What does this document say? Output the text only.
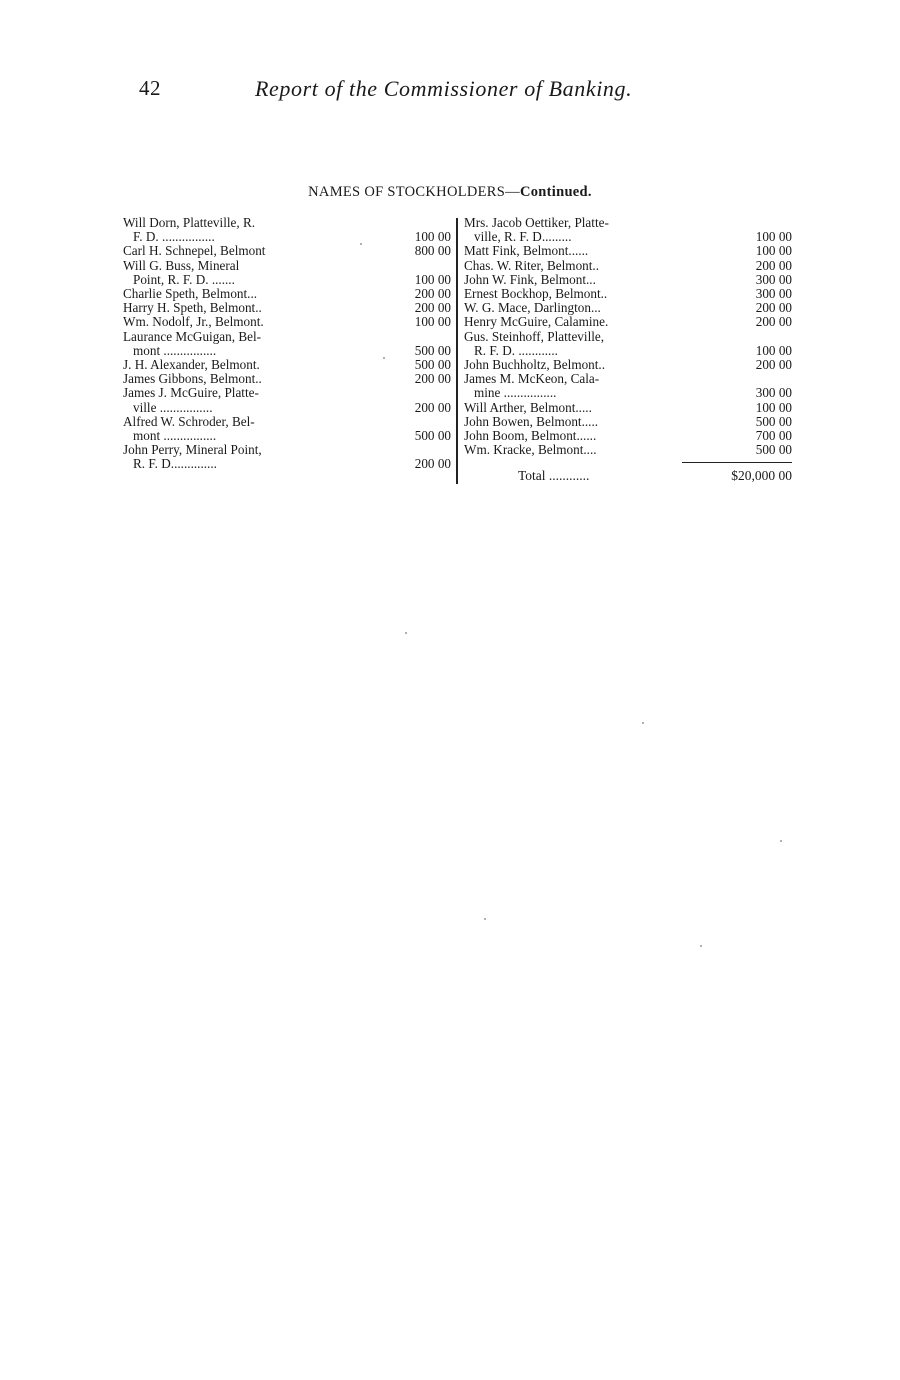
42	Report of the Commissioner of Banking.
NAMES OF STOCKHOLDERS—Continued.
Will Dorn, Platteville, R.
F. D. ................	100 00
Carl H. Schnepel, Belmont	800 00
Will G. Buss, Mineral
Point, R. F. D. .......	100 00
Charlie Speth, Belmont...	200 00
Harry H. Speth, Belmont..	200 00
Wm. Nodolf, Jr., Belmont.	100 00
Laurance McGuigan, Bel-
mont ................	500 00
J. H. Alexander, Belmont.	500 00
James Gibbons, Belmont..	200 00
James J. McGuire, Platte-
ville ................	200 00
Alfred W. Schroder, Bel-
mont ................	500 00
John Perry, Mineral Point,
R. F. D..............	200 00
Mrs. Jacob Oettiker, Platte-
ville, R. F. D.........	100 00
Matt Fink, Belmont......	100 00
Chas. W. Riter, Belmont..	200 00
John W. Fink, Belmont...	300 00
Ernest Bockhop, Belmont..	300 00
W. G. Mace, Darlington...	200 00
Henry McGuire, Calamine.	200 00
Gus. Steinhoff, Platteville,
R. F. D. ............	100 00
John Buchholtz, Belmont..	200 00
James M. McKeon, Cala-
mine ................	300 00
Will Arther, Belmont.....	100 00
John Bowen, Belmont.....	500 00
John Boom, Belmont......	700 00
Wm. Kracke, Belmont....	500 00
Total ............	$20,000 00
